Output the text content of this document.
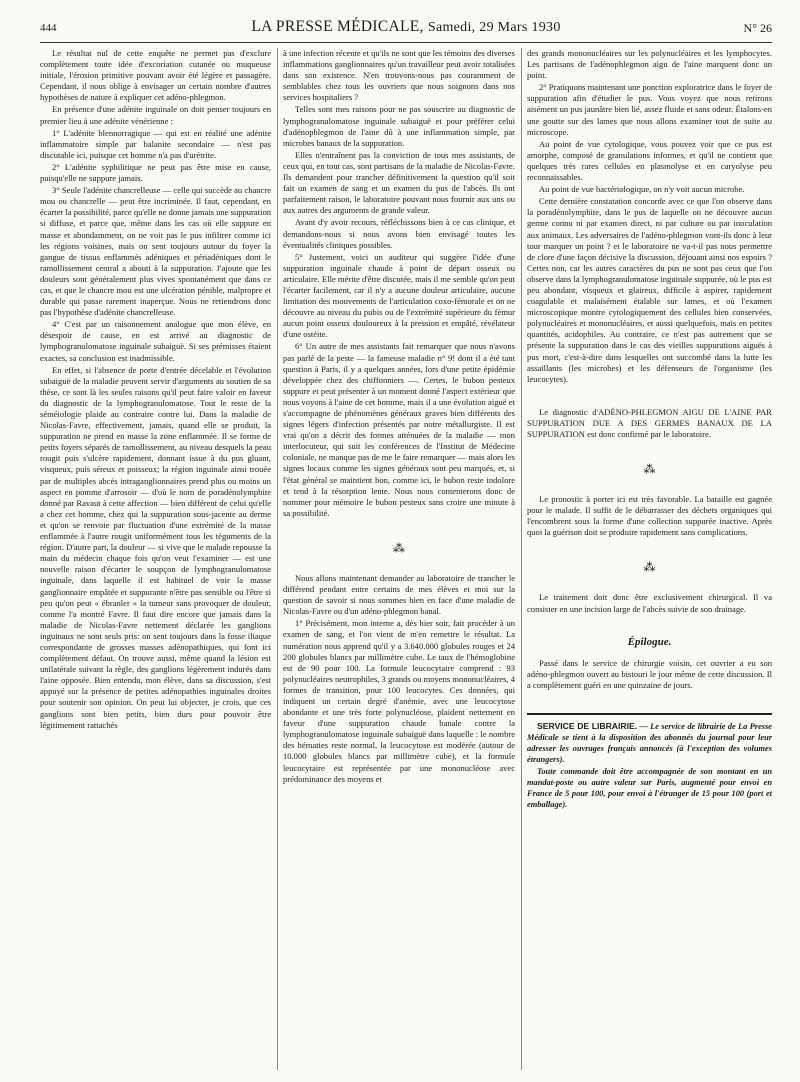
444	LA PRESSE MÉDICALE, Samedi, 29 Mars 1930	N° 26

Le résultat nul de cette enquête ne permet pas d'exclure complètement toute idée d'excoriation cutanée ou muqueuse initiale, l'érosion primitive pouvant avoir été légère et passagère. Cependant, il nous oblige à envisager un certain nombre d'autres hypothèses de nature à expliquer cet adéno-phlegmon.

En présence d'une adénite inguinale on doit penser toujours en premier lieu à une adénite vénérienne :

1° L'adénite blennorragique — qui est en réalité une adénite inflammatoire simple par balanite secondaire — n'est pas discutable ici, puisque cet homme n'a pas d'urétrite.

2° L'adénite syphilitique ne peut pas être mise en cause, puisqu'elle ne suppure jamais.

3° Seule l'adénite chancrelleuse — celle qui succède au chancre mou ou chancrelle — peut être incriminée. Il faut, cependant, en écarter la possibilité, parce qu'elle ne donne jamais une suppuration si diffuse, et parce que, même dans les cas où elle suppure en masse et abondamment, on ne voit pas le pus infiltrer comme ici les régions voisines, mais on sent toujours autour du foyer la gangue de tissus enflammés adéniques et périadéniques dont le ramollissement central a abouti à la suppuration. J'ajoute que les douleurs sont généralement plus vives spontanément que dans ce cas, et que le chancre mou est une ulcération pénible, malpropre et durable qui passe rarement inaperçue. Nous ne retiendrons donc pas l'hypothèse d'adénite chancrelleuse.

4° C'est par un raisonnement analogue que mon élève, en désespoir de cause, en est arrivé au diagnostic de lymphogranulomatose inguinale subaiguë. Si ses prémisses étaient exactes, sa conclusion est inadmissible.

En effet, si l'absence de porte d'entrée décelable et l'évolution subaiguë de la maladie peuvent servir d'arguments au soutien de sa thèse, ce sont là les seules raisons qu'il peut faire valoir en faveur du diagnostic de la lymphogranulomatose. Tout le reste de la séméiologie plaide au contraire contre lui. Dans la maladie de Nicolas-Favre, effectivement, jamais, quand elle se produit, la suppuration ne prend en masse la zone enflammée. Il se forme de petits foyers séparés de ramollissement, au niveau desquels la peau rougit puis s'ulcère rapidement, donnant issue à du pus gluant, visqueux, puis séreux et poisseux; la région inguinale ainsi trouée par de multiples abcès intraganglionnaires prend plus ou moins un aspect en pomme d'arrosoir — d'où le nom de poradénolymphite donné par Ravaut à cette affection — bien différent de celui qu'elle a chez cet homme, chez qui la suppuration sous-jacente au derme et qu'on se renvoie par fluctuation d'une extrémité de la masse enflammée à l'autre rougit uniformément tous les téguments de la région. D'autre part, la douleur — si vive que le malade repousse la main du médecin chaque fois qu'on veut l'examiner — est une nouvelle raison d'écarter le soupçon de lymphogranulomatose inguinale, dans laquelle il est habituel de voir la masse ganglionnaire empâtée et suppurante n'être pas sensible ou l'être si peu qu'on peut « ébranler » la tumeur sans provoquer de douleur, comme l'a montré Favre. Il faut dire encore que jamais dans la maladie de Nicolas-Favre nettement déclarée les ganglions inguinaux ne sont seuls pris: on sent toujours dans la fosse iliaque correspondante de grosses masses adénopathiques, qui font ici complètement défaut. On trouve aussi, même quand la lésion est unilatérale suivant la règle, des ganglions légèrement indurés dans l'aine opposée. Bien entendu, mon élève, dans sa discussion, s'est appuyé sur la présence de petites adénopathies inguinales droites pour soutenir son opinion. On peut lui objecter, je crois, que ces ganglions sont bien petits, bien durs pour pouvoir être légitimement rattachés

à une infection récente et qu'ils ne sont que les témoins des diverses inflammations ganglionnaires qu'un travailleur peut avoir totalisées dans son existence. N'en trouvons-nous pas couramment de semblables chez tous les ouvriers que nous soignons dans nos services hospitaliers ?

Telles sont mes raisons pour ne pas souscrire au diagnostic de lymphogranulomatose inguinale subaiguë et pour préférer celui d'adénophlegmon de l'aine dû à une inflammation simple, par microbes banaux de la suppuration.

Elles n'entraînent pas la conviction de tous mes assistants, de ceux qui, en tout cas, sont partisans de la maladie de Nicolas-Favre. Ils demandent pour trancher définitivement la question qu'il soit fait un examen de sang et un examen du pus de l'abcès. Ils ont parfaitement raison, le laboratoire pouvant nous fournir aux uns ou aux autres des arguments de grande valeur.

Avant d'y avoir recours, réfléchissons bien à ce cas clinique, et demandons-nous si nous avons bien envisagé toutes les éventualités cliniques possibles.

5° Justement, voici un auditeur qui suggère l'idée d'une suppuration inguinale chaude à point de départ osseux ou articulaire. Elle mérite d'être discutée, mais il me semble qu'on peut l'écarter facilement, car il n'y a aucune douleur articulaire, aucune limitation des mouvements de l'articulation coxo-fémorale et on ne découvre au niveau du pubis ou de l'extrémité supérieure du fémur aucun point osseux douloureux à la pression et empâté, révélateur d'une ostéite.

6° Un autre de mes assistants fait remarquer que nous n'avons pas parlé de la peste — la fameuse maladie n° 9! dont il a été tant question à Paris, il y a quelques années, lors d'une petite épidémie développée chez des chiffonniers —. Certes, le bubon pesteux suppure et peut présenter à un moment donné l'aspect extérieur que nous voyons à l'aine de cet homme, mais il a une évolution aiguë et s'accompagne de phénomènes généraux graves bien différents des signes légers d'infection présentés par notre métallurgiste. Il est vrai qu'on a décrit des formes atténuées de la maladie — mon interlocuteur, qui suit les conférences de l'Institut de Médecine coloniale, ne manque pas de me le faire remarquer — mais alors les signes locaux comme les signes généraux sont peu marqués, et, si l'état général se maintient bon, comme ici, le bubon reste indolore et tend à la résorption lente. Nous nous contenterons donc de nommer pour mémoire le bubon pesteux sans croire une minute à sa possibilité.

⁂

Nous allons maintenant demander au laboratoire de trancher le différend pendant entre certains de mes élèves et moi sur la question de savoir si nous sommes bien en face d'une maladie de Nicolas-Favre ou d'un adéno-phlegmon banal.

1° Précisément, mon interne a, dès hier soir, fait procéder à un examen de sang, et l'on vient de m'en remettre le résultat. La numération nous apprend qu'il y a 3.640.000 globules rouges et 24 200 globules blancs par millimètre cube. Le taux de l'hémoglobine est de 90 pour 100. La formule leucocytaire comprend : 93 polynucléaires neutrophiles, 3 grands ou moyens mononucléaires, 4 formes de transition, pour 100 leucocytes. Ces données, qui indiquent un certain degré d'anémie, avec une leucocytose abondante et une très forte polynucléose, plaident nettement en faveur d'une suppuration chaude banale contre la lymphogranulomatose inguinale subaiguë dans laquelle : le nombre des hématies reste normal, la leucocytose est modérée (autour de 10.000 globules blancs par millimètre cube), et la formule leucocytaire est représentée par une mononucléose avec prédominance des moyens et

des grands mononucléaires sur les polynucléaires et les lymphocytes. Les partisans de l'adénophlegmon aigu de l'aine marquent donc un point.

2° Pratiquons maintenant une ponction exploratrice dans le foyer de suppuration afin d'étudier le pus. Vous voyez que nous retirons aisément un pus jaunâtre bien lié, assez fluide et sans odeur. Étalons-en une goutte sur des lames que nous allons examiner tout de suite au microscope.

Au point de vue cytologique, vous pouvez voir que ce pus est amorphe, composé de granulations informes, et qu'il ne contient que quelques très rares cellules en plasmolyse et en caryolyse peu reconnaissables.

Au point de vue bactériologique, on n'y voit aucun microbe.

Cette dernière constatation concorde avec ce que l'on observe dans la poradénolymphite, dans le pus de laquelle on ne découvre aucun germe connu ni par examen direct, ni par culture ou par inoculation aux animaux. Les adversaires de l'adéno-phlegmon vont-ils donc à leur tour marquer un point ? et le laboratoire ne va-t-il pas nous permettre de clore d'une façon décisive la discussion, déjouant ainsi nos espoirs ? Certes non, car les autres caractères du pus ne sont pas ceux que l'on observe dans la lymphogranulomatose inguinale suppurée, où le pus est peu abondant, visqueux et glaireux, difficile à aspirer, rapidement coagulable et malaisément étalable sur lames, et où l'examen microscopique montre cytologiquement des cellules bien conservées, polynucléaires et mononucléaires, et aussi quelquefois, mais en petites quantités, acidophiles. Au contraire, ce n'est pas autrement que se présente la suppuration dans le cas des vieilles suppurations aiguës à pus mort, c'est-à-dire dans lesquelles ont succombé dans la lutte les assaillants (les microbes) et les défenseurs de l'organisme (les leucocytes).

Le diagnostic d'ADÉNO-PHLEGMON AIGU DE L'AINE PAR SUPPURATION DUE A DES GERMES BANAUX DE LA SUPPURATION est donc confirmé par le laboratoire.

⁂

Le pronostic à porter ici est très favorable. La bataille est gagnée pour le malade. Il suffit de le débarrasser des déchets organiques qui l'encombrent sous la forme d'une collection suppurée inactive. Après quoi la guérison doit se produire rapidement sans complications.

⁂

Le traitement doit donc être exclusivement chirurgical. Il va consister en une incision large de l'abcès suivie de son drainage.

Épilogue.

Passé dans le service de chirurgie voisin, cet ouvrier a eu son adéno-phlegmon ouvert au bistouri le jour même de cette discussion. Il a complètement guéri en une quinzaine de jours.

SERVICE DE LIBRAIRIE. — Le service de librairie de La Presse Médicale se tient à la disposition des abonnés du journal pour leur adresser les ouvrages français annoncés (à l'exception des volumes étrangers).

Toute commande doit être accompagnée de son montant en un mandat-poste ou autre valeur sur Paris, augmenté pour envoi en France de 5 pour 100, pour envoi à l'étranger de 15 pour 100 (port et emballage).
